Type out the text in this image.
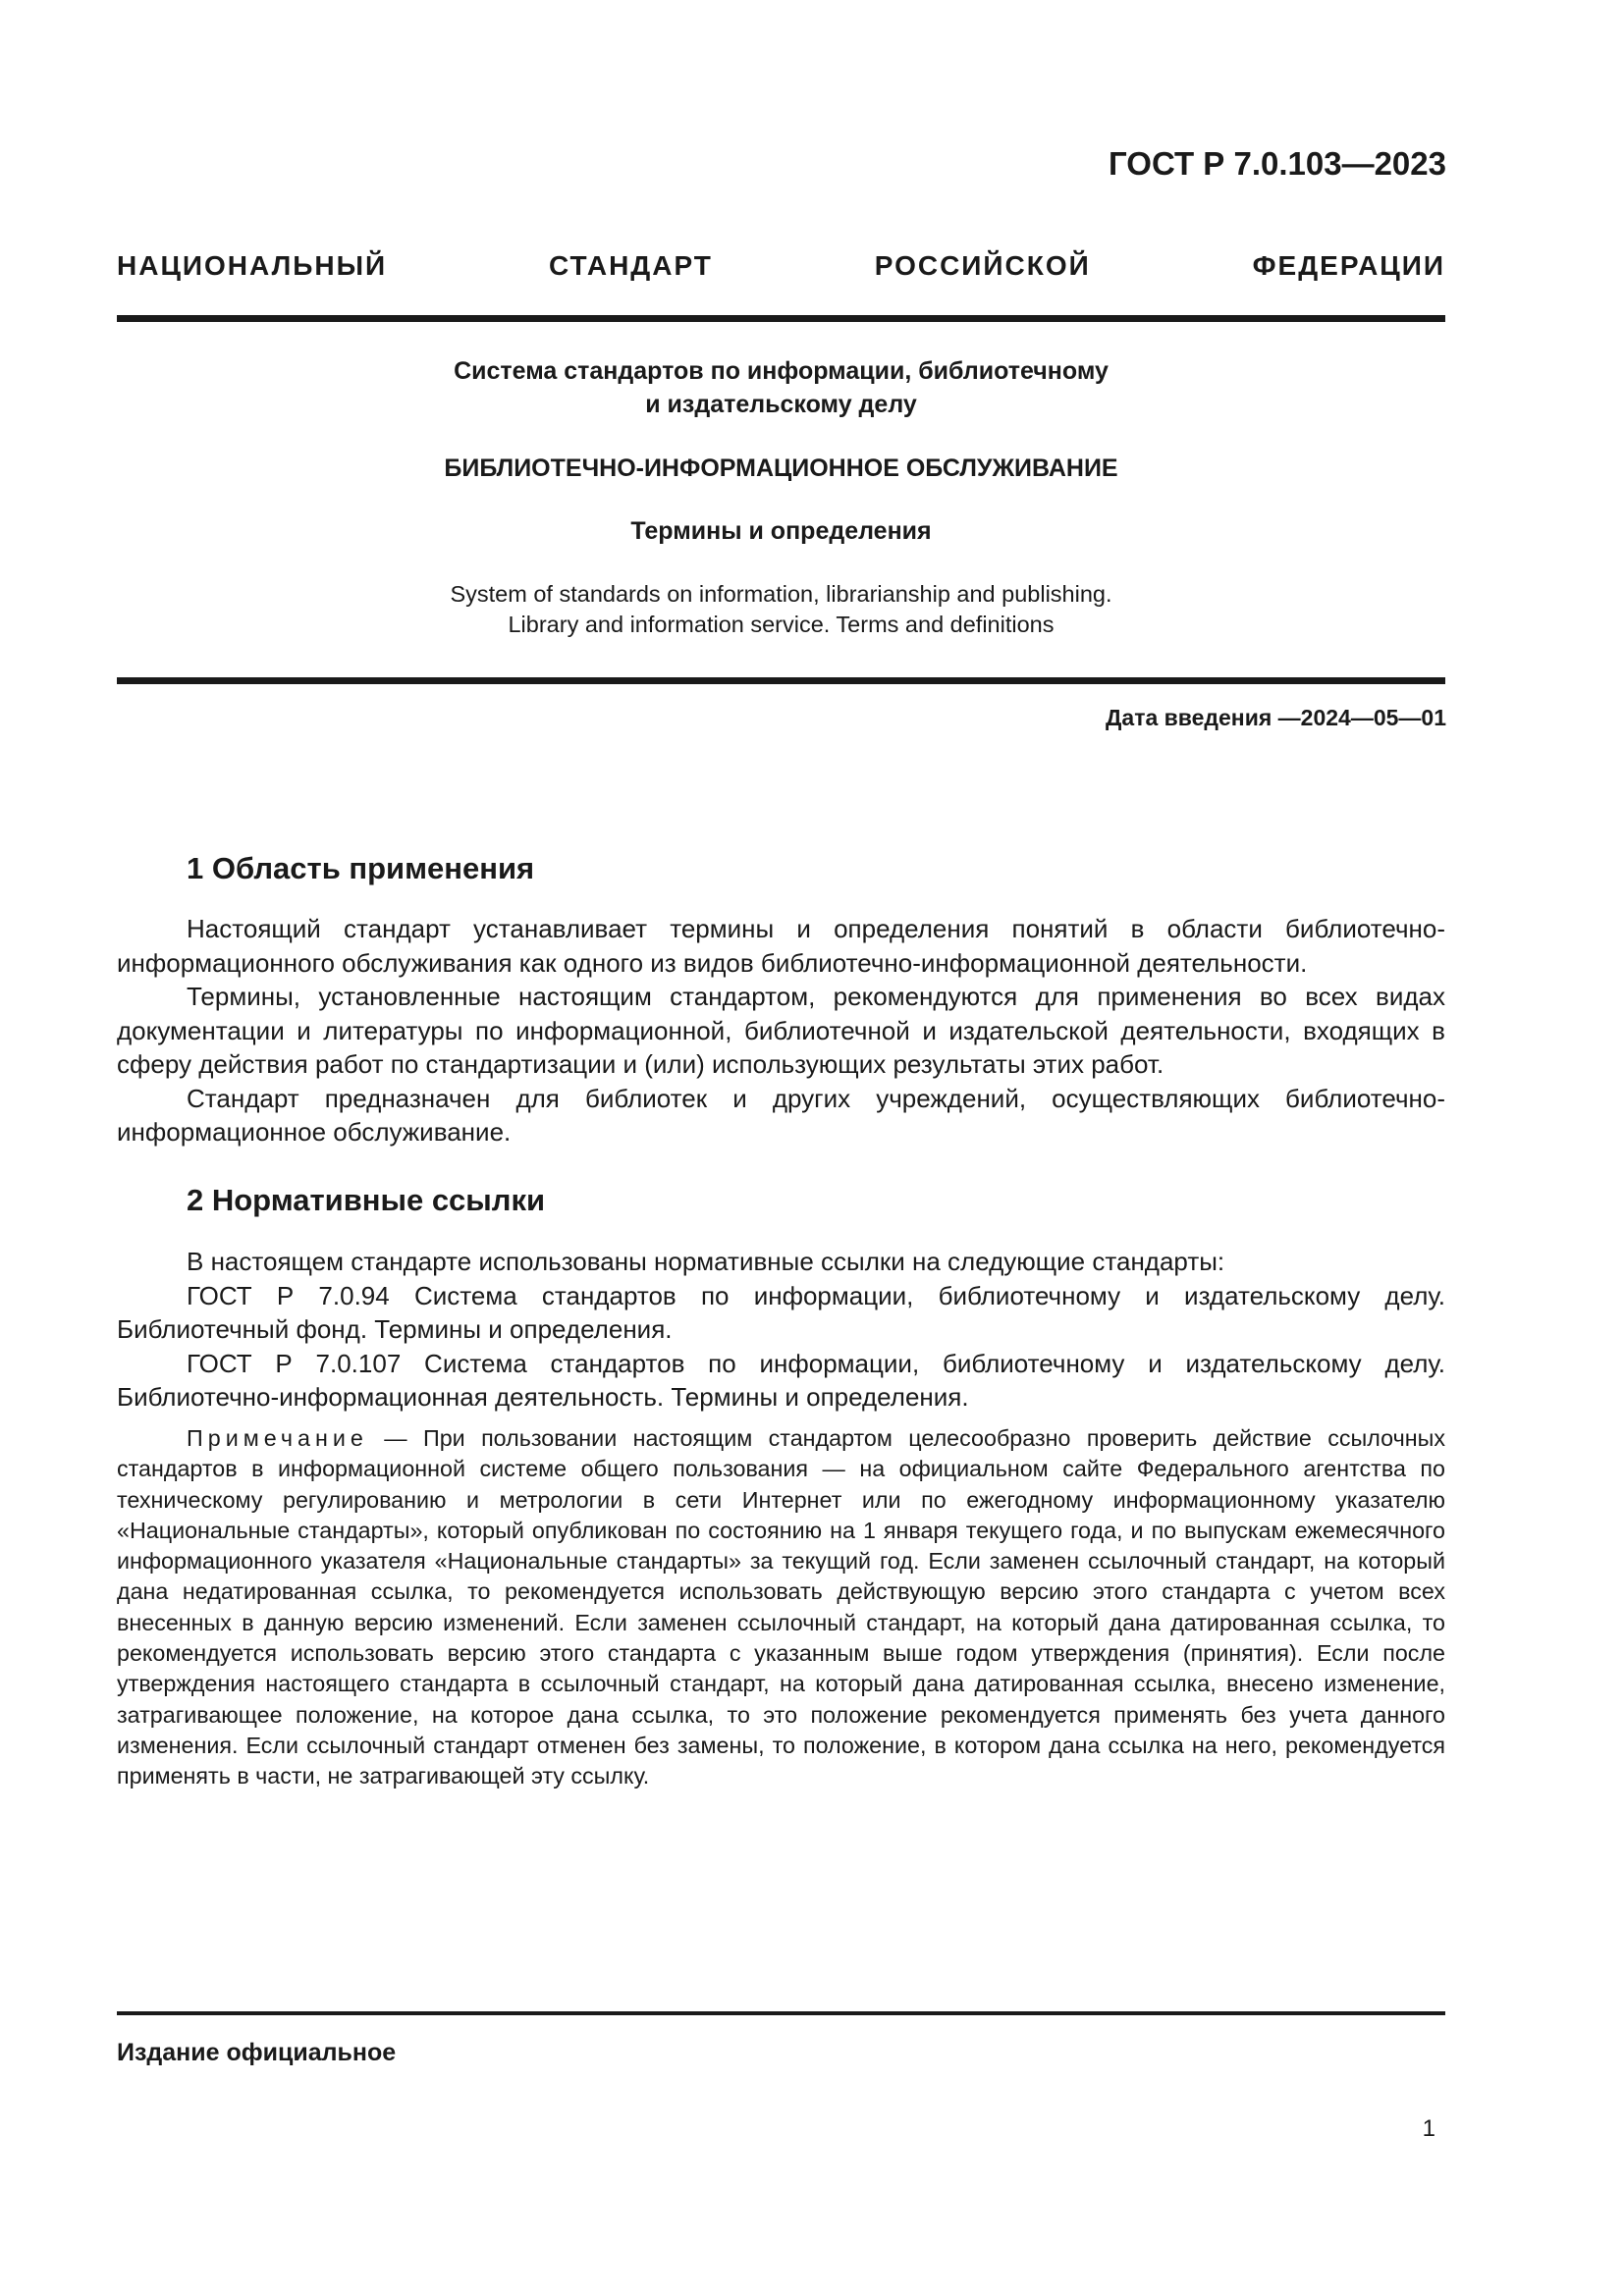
ГОСТ Р 7.0.103—2023
НАЦИОНАЛЬНЫЙ СТАНДАРТ РОССИЙСКОЙ ФЕДЕРАЦИИ
Система стандартов по информации, библиотечному
и издательскому делу
БИБЛИОТЕЧНО-ИНФОРМАЦИОННОЕ ОБСЛУЖИВАНИЕ
Термины и определения
System of standards on information, librarianship and publishing.
Library and information service. Terms and definitions
Дата введения —2024—05—01
1 Область применения

Настоящий стандарт устанавливает термины и определения понятий в области библиотечно-информационного обслуживания как одного из видов библиотечно-информационной деятельности.

Термины, установленные настоящим стандартом, рекомендуются для применения во всех видах документации и литературы по информационной, библиотечной и издательской деятельности, входящих в сферу действия работ по стандартизации и (или) использующих результаты этих работ.

Стандарт предназначен для библиотек и других учреждений, осуществляющих библиотечно-информационное обслуживание.

2 Нормативные ссылки

В настоящем стандарте использованы нормативные ссылки на следующие стандарты:

ГОСТ Р 7.0.94 Система стандартов по информации, библиотечному и издательскому делу. Библиотечный фонд. Термины и определения.

ГОСТ Р 7.0.107 Система стандартов по информации, библиотечному и издательскому делу. Библиотечно-информационная деятельность. Термины и определения.

Примечание — При пользовании настоящим стандартом целесообразно проверить действие ссылочных стандартов в информационной системе общего пользования — на официальном сайте Федерального агентства по техническому регулированию и метрологии в сети Интернет или по ежегодному информационному указателю «Национальные стандарты», который опубликован по состоянию на 1 января текущего года, и по выпускам ежемесячного информационного указателя «Национальные стандарты» за текущий год. Если заменен ссылочный стандарт, на который дана недатированная ссылка, то рекомендуется использовать действующую версию этого стандарта с учетом всех внесенных в данную версию изменений. Если заменен ссылочный стандарт, на который дана датированная ссылка, то рекомендуется использовать версию этого стандарта с указанным выше годом утверждения (принятия). Если после утверждения настоящего стандарта в ссылочный стандарт, на который дана датированная ссылка, внесено изменение, затрагивающее положение, на которое дана ссылка, то это положение рекомендуется применять без учета данного изменения. Если ссылочный стандарт отменен без замены, то положение, в котором дана ссылка на него, рекомендуется применять в части, не затрагивающей эту ссылку.
Издание официальное
1
